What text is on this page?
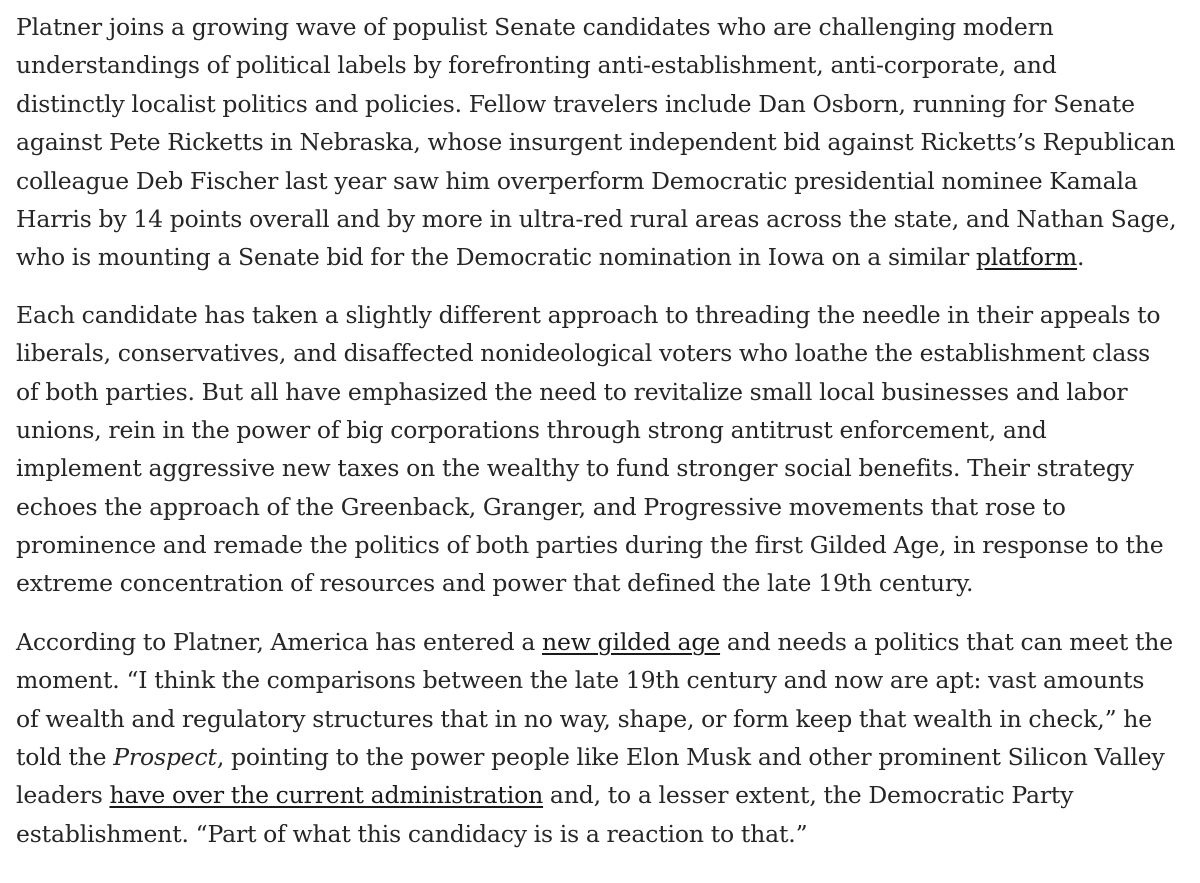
Platner joins a growing wave of populist Senate candidates who are challenging modern
understandings of political labels by forefronting anti-establishment, anti-corporate, and
distinctly localist politics and policies. Fellow travelers include Dan Osborn, running for Senate
against Pete Ricketts in Nebraska, whose insurgent independent bid against Ricketts’s Republican
colleague Deb Fischer last year saw him overperform Democratic presidential nominee Kamala
Harris by 14 points overall and by more in ultra-red rural areas across the state, and Nathan Sage,
who is mounting a Senate bid for the Democratic nomination in Iowa on a similar platform.
Each candidate has taken a slightly different approach to threading the needle in their appeals to
liberals, conservatives, and disaffected nonideological voters who loathe the establishment class
of both parties. But all have emphasized the need to revitalize small local businesses and labor
unions, rein in the power of big corporations through strong antitrust enforcement, and
implement aggressive new taxes on the wealthy to fund stronger social benefits. Their strategy
echoes the approach of the Greenback, Granger, and Progressive movements that rose to
prominence and remade the politics of both parties during the first Gilded Age, in response to the
extreme concentration of resources and power that defined the late 19th century.
According to Platner, America has entered a new gilded age and needs a politics that can meet the
moment. “I think the comparisons between the late 19th century and now are apt: vast amounts
of wealth and regulatory structures that in no way, shape, or form keep that wealth in check,” he
told the Prospect, pointing to the power people like Elon Musk and other prominent Silicon Valley
leaders have over the current administration and, to a lesser extent, the Democratic Party
establishment. “Part of what this candidacy is is a reaction to that.”
